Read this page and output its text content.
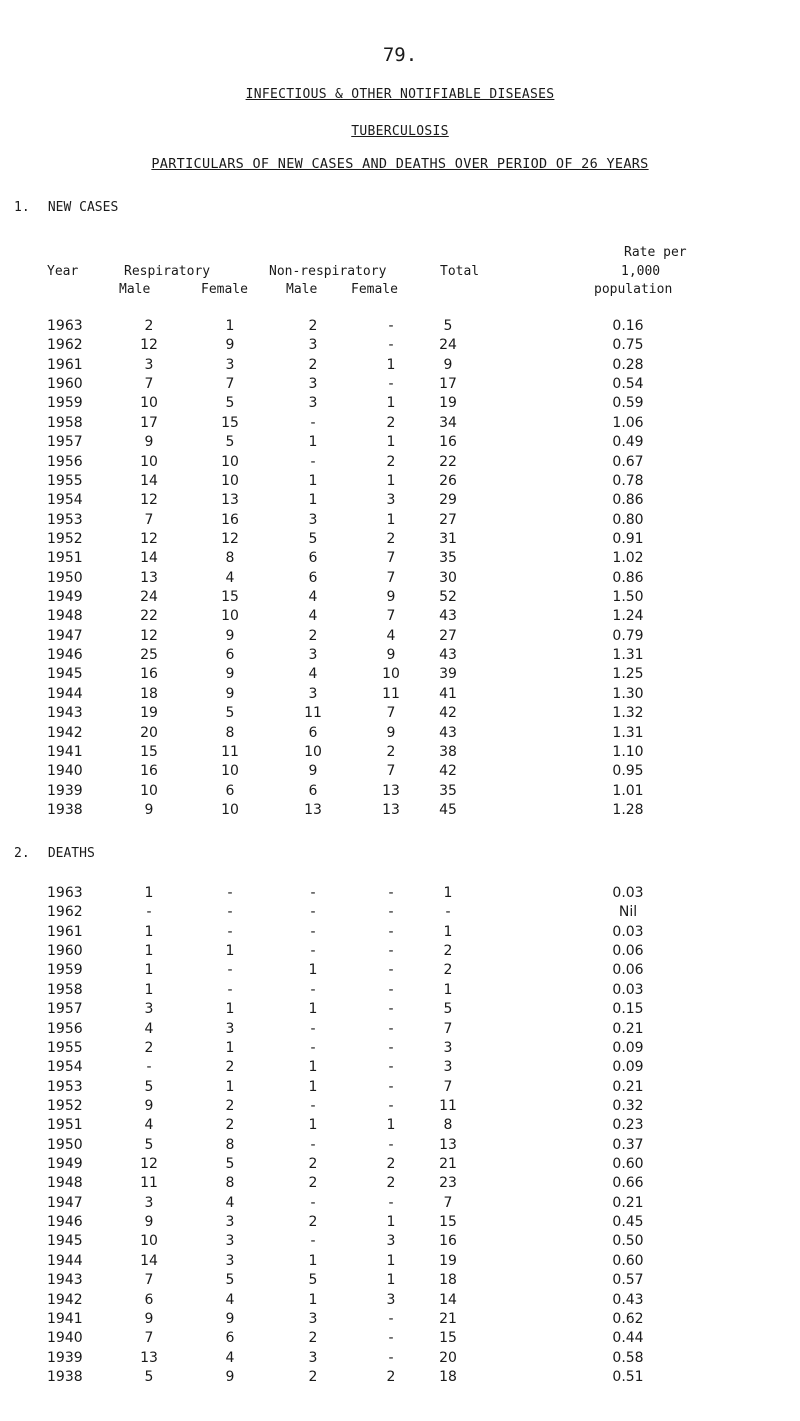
79.
INFECTIOUS & OTHER NOTIFIABLE DISEASES
TUBERCULOSIS
PARTICULARS OF NEW CASES AND DEATHS OVER PERIOD OF 26 YEARS
1. NEW CASES
Rate per
Year	Respiratory	Non-respiratory	Total	1,000
Male	Female	Male	Female	population
1963	2	1	2	-	5	0.16
1962	12	9	3	-	24	0.75
1961	3	3	2	1	9	0.28
1960	7	7	3	-	17	0.54
1959	10	5	3	1	19	0.59
1958	17	15	-	2	34	1.06
1957	9	5	1	1	16	0.49
1956	10	10	-	2	22	0.67
1955	14	10	1	1	26	0.78
1954	12	13	1	3	29	0.86
1953	7	16	3	1	27	0.80
1952	12	12	5	2	31	0.91
1951	14	8	6	7	35	1.02
1950	13	4	6	7	30	0.86
1949	24	15	4	9	52	1.50
1948	22	10	4	7	43	1.24
1947	12	9	2	4	27	0.79
1946	25	6	3	9	43	1.31
1945	16	9	4	10	39	1.25
1944	18	9	3	11	41	1.30
1943	19	5	11	7	42	1.32
1942	20	8	6	9	43	1.31
1941	15	11	10	2	38	1.10
1940	16	10	9	7	42	0.95
1939	10	6	6	13	35	1.01
1938	9	10	13	13	45	1.28
2. DEATHS
1963	1	-	-	-	1	0.03
1962	-	-	-	-	-	Nil
1961	1	-	-	-	1	0.03
1960	1	1	-	-	2	0.06
1959	1	-	1	-	2	0.06
1958	1	-	-	-	1	0.03
1957	3	1	1	-	5	0.15
1956	4	3	-	-	7	0.21
1955	2	1	-	-	3	0.09
1954	-	2	1	-	3	0.09
1953	5	1	1	-	7	0.21
1952	9	2	-	-	11	0.32
1951	4	2	1	1	8	0.23
1950	5	8	-	-	13	0.37
1949	12	5	2	2	21	0.60
1948	11	8	2	2	23	0.66
1947	3	4	-	-	7	0.21
1946	9	3	2	1	15	0.45
1945	10	3	-	3	16	0.50
1944	14	3	1	1	19	0.60
1943	7	5	5	1	18	0.57
1942	6	4	1	3	14	0.43
1941	9	9	3	-	21	0.62
1940	7	6	2	-	15	0.44
1939	13	4	3	-	20	0.58
1938	5	9	2	2	18	0.51
